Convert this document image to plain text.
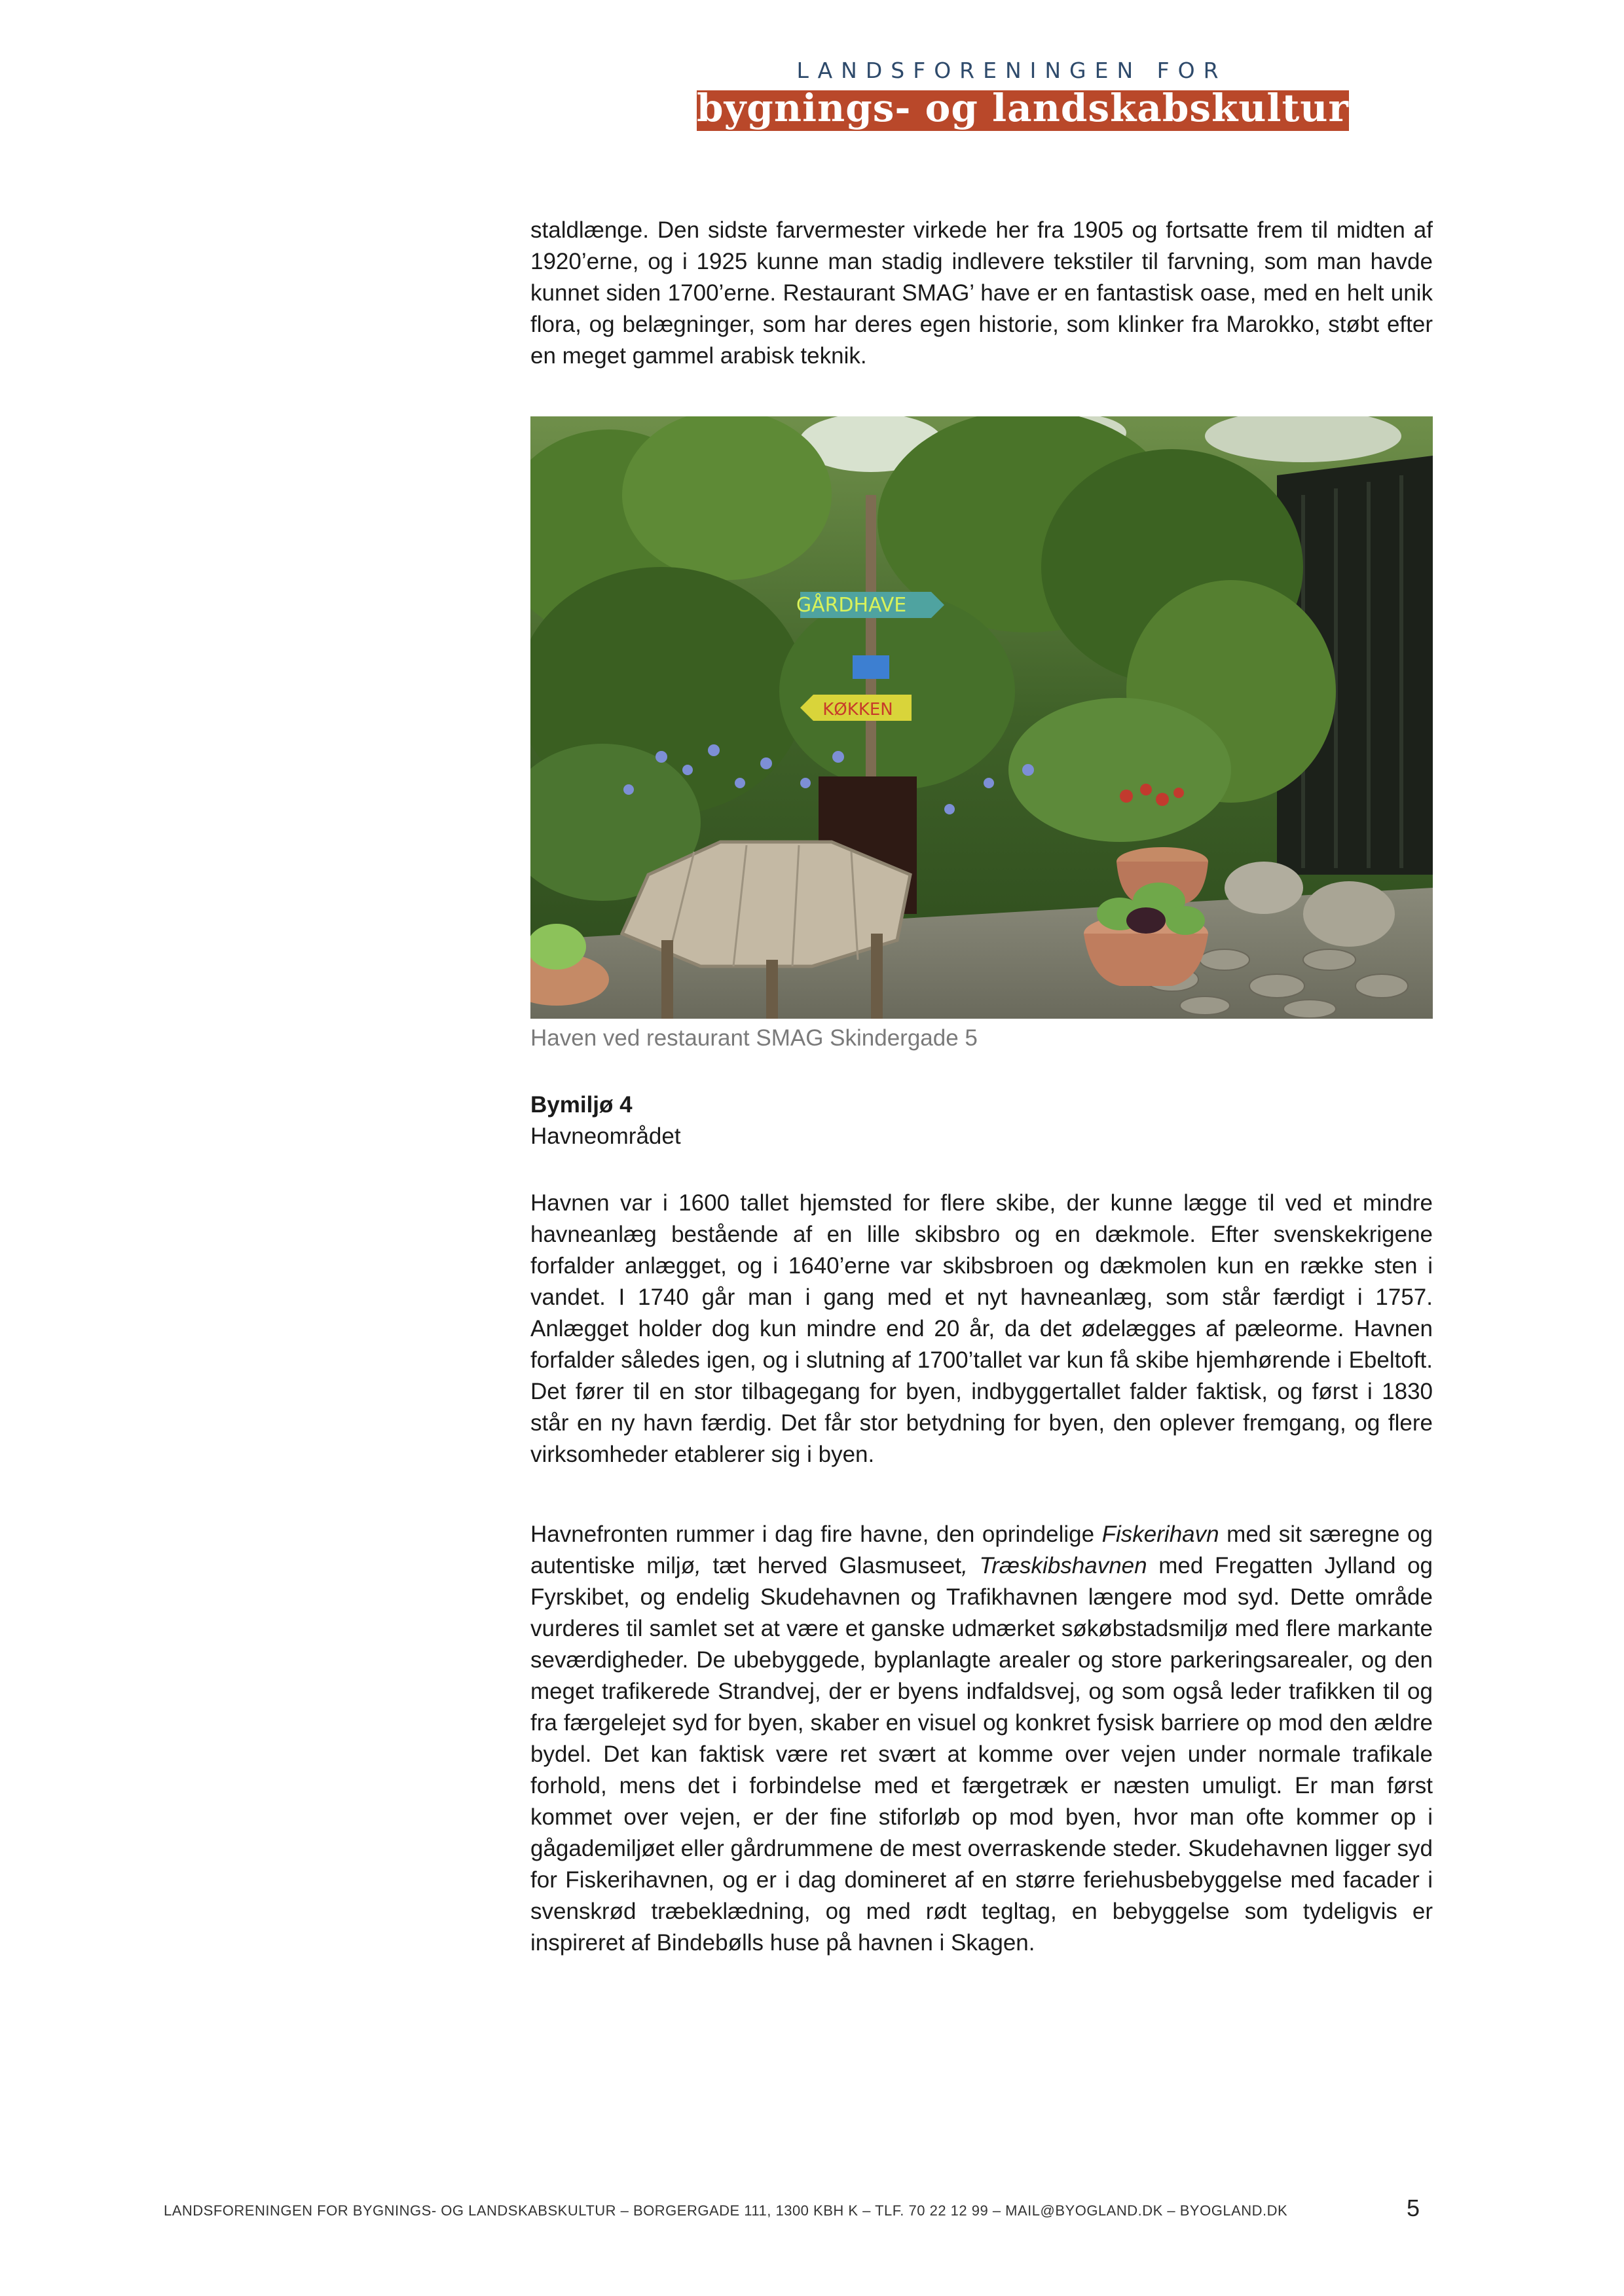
LANDSFORENINGEN FOR
bygnings- og landskabskultur

staldlænge. Den sidste farvermester virkede her fra 1905 og fortsatte frem til midten af 1920’erne, og i 1925 kunne man stadig indlevere tekstiler til farvning, som man havde kunnet siden 1700’erne. Restaurant SMAG’ have er en fantastisk oase, med en helt unik flora, og belægninger, som har deres egen historie, som klinker fra Marokko, støbt efter en meget gammel arabisk teknik.

GÅRDHAVE
KØKKEN
Haven ved restaurant SMAG Skindergade 5
Bymiljø 4
Havneområdet

Havnen var i 1600 tallet hjemsted for flere skibe, der kunne lægge til ved et mindre havneanlæg bestående af en lille skibsbro og en dækmole. Efter svenskekrigene forfalder anlægget, og i 1640’erne var skibsbroen og dækmolen kun en række sten i vandet. I 1740 går man i gang med et nyt havneanlæg, som står færdigt i 1757. Anlægget holder dog kun mindre end 20 år, da det ødelægges af pæleorme. Havnen forfalder således igen, og i slutning af 1700’tallet var kun få skibe hjemhørende i Ebeltoft. Det fører til en stor tilbagegang for byen, indbyggertallet falder faktisk, og først i 1830 står en ny havn færdig. Det får stor betydning for byen, den oplever fremgang, og flere virksomheder etablerer sig i byen.

Havnefronten rummer i dag fire havne, den oprindelige Fiskerihavn med sit særegne og autentiske miljø, tæt herved Glasmuseet, Træskibshavnen med Fregatten Jylland og Fyrskibet, og endelig Skudehavnen og Trafikhavnen længere mod syd. Dette område vurderes til samlet set at være et ganske udmærket søkøbstadsmiljø med flere markante seværdigheder. De ubebyggede, byplanlagte arealer og store parkeringsarealer, og den meget trafikerede Strandvej, der er byens indfaldsvej, og som også leder trafikken til og fra færgelejet syd for byen, skaber en visuel og konkret fysisk barriere op mod den ældre bydel. Det kan faktisk være ret svært at komme over vejen under normale trafikale forhold, mens det i forbindelse med et færgetræk er næsten umuligt. Er man først kommet over vejen, er der fine stiforløb op mod byen, hvor man ofte kommer op i gågademiljøet eller gårdrummene de mest overraskende steder. Skudehavnen ligger syd for Fiskerihavnen, og er i dag domineret af en større feriehusbebyggelse med facader i svenskrød træbeklædning, og med rødt tegltag, en bebyggelse som tydeligvis er inspireret af Bindebølls huse på havnen i Skagen.

LANDSFORENINGEN FOR BYGNINGS- OG LANDSKABSKULTUR – BORGERGADE 111, 1300 KBH K – TLF. 70 22 12 99 – MAIL@BYOGLAND.DK – BYOGLAND.DK	5
